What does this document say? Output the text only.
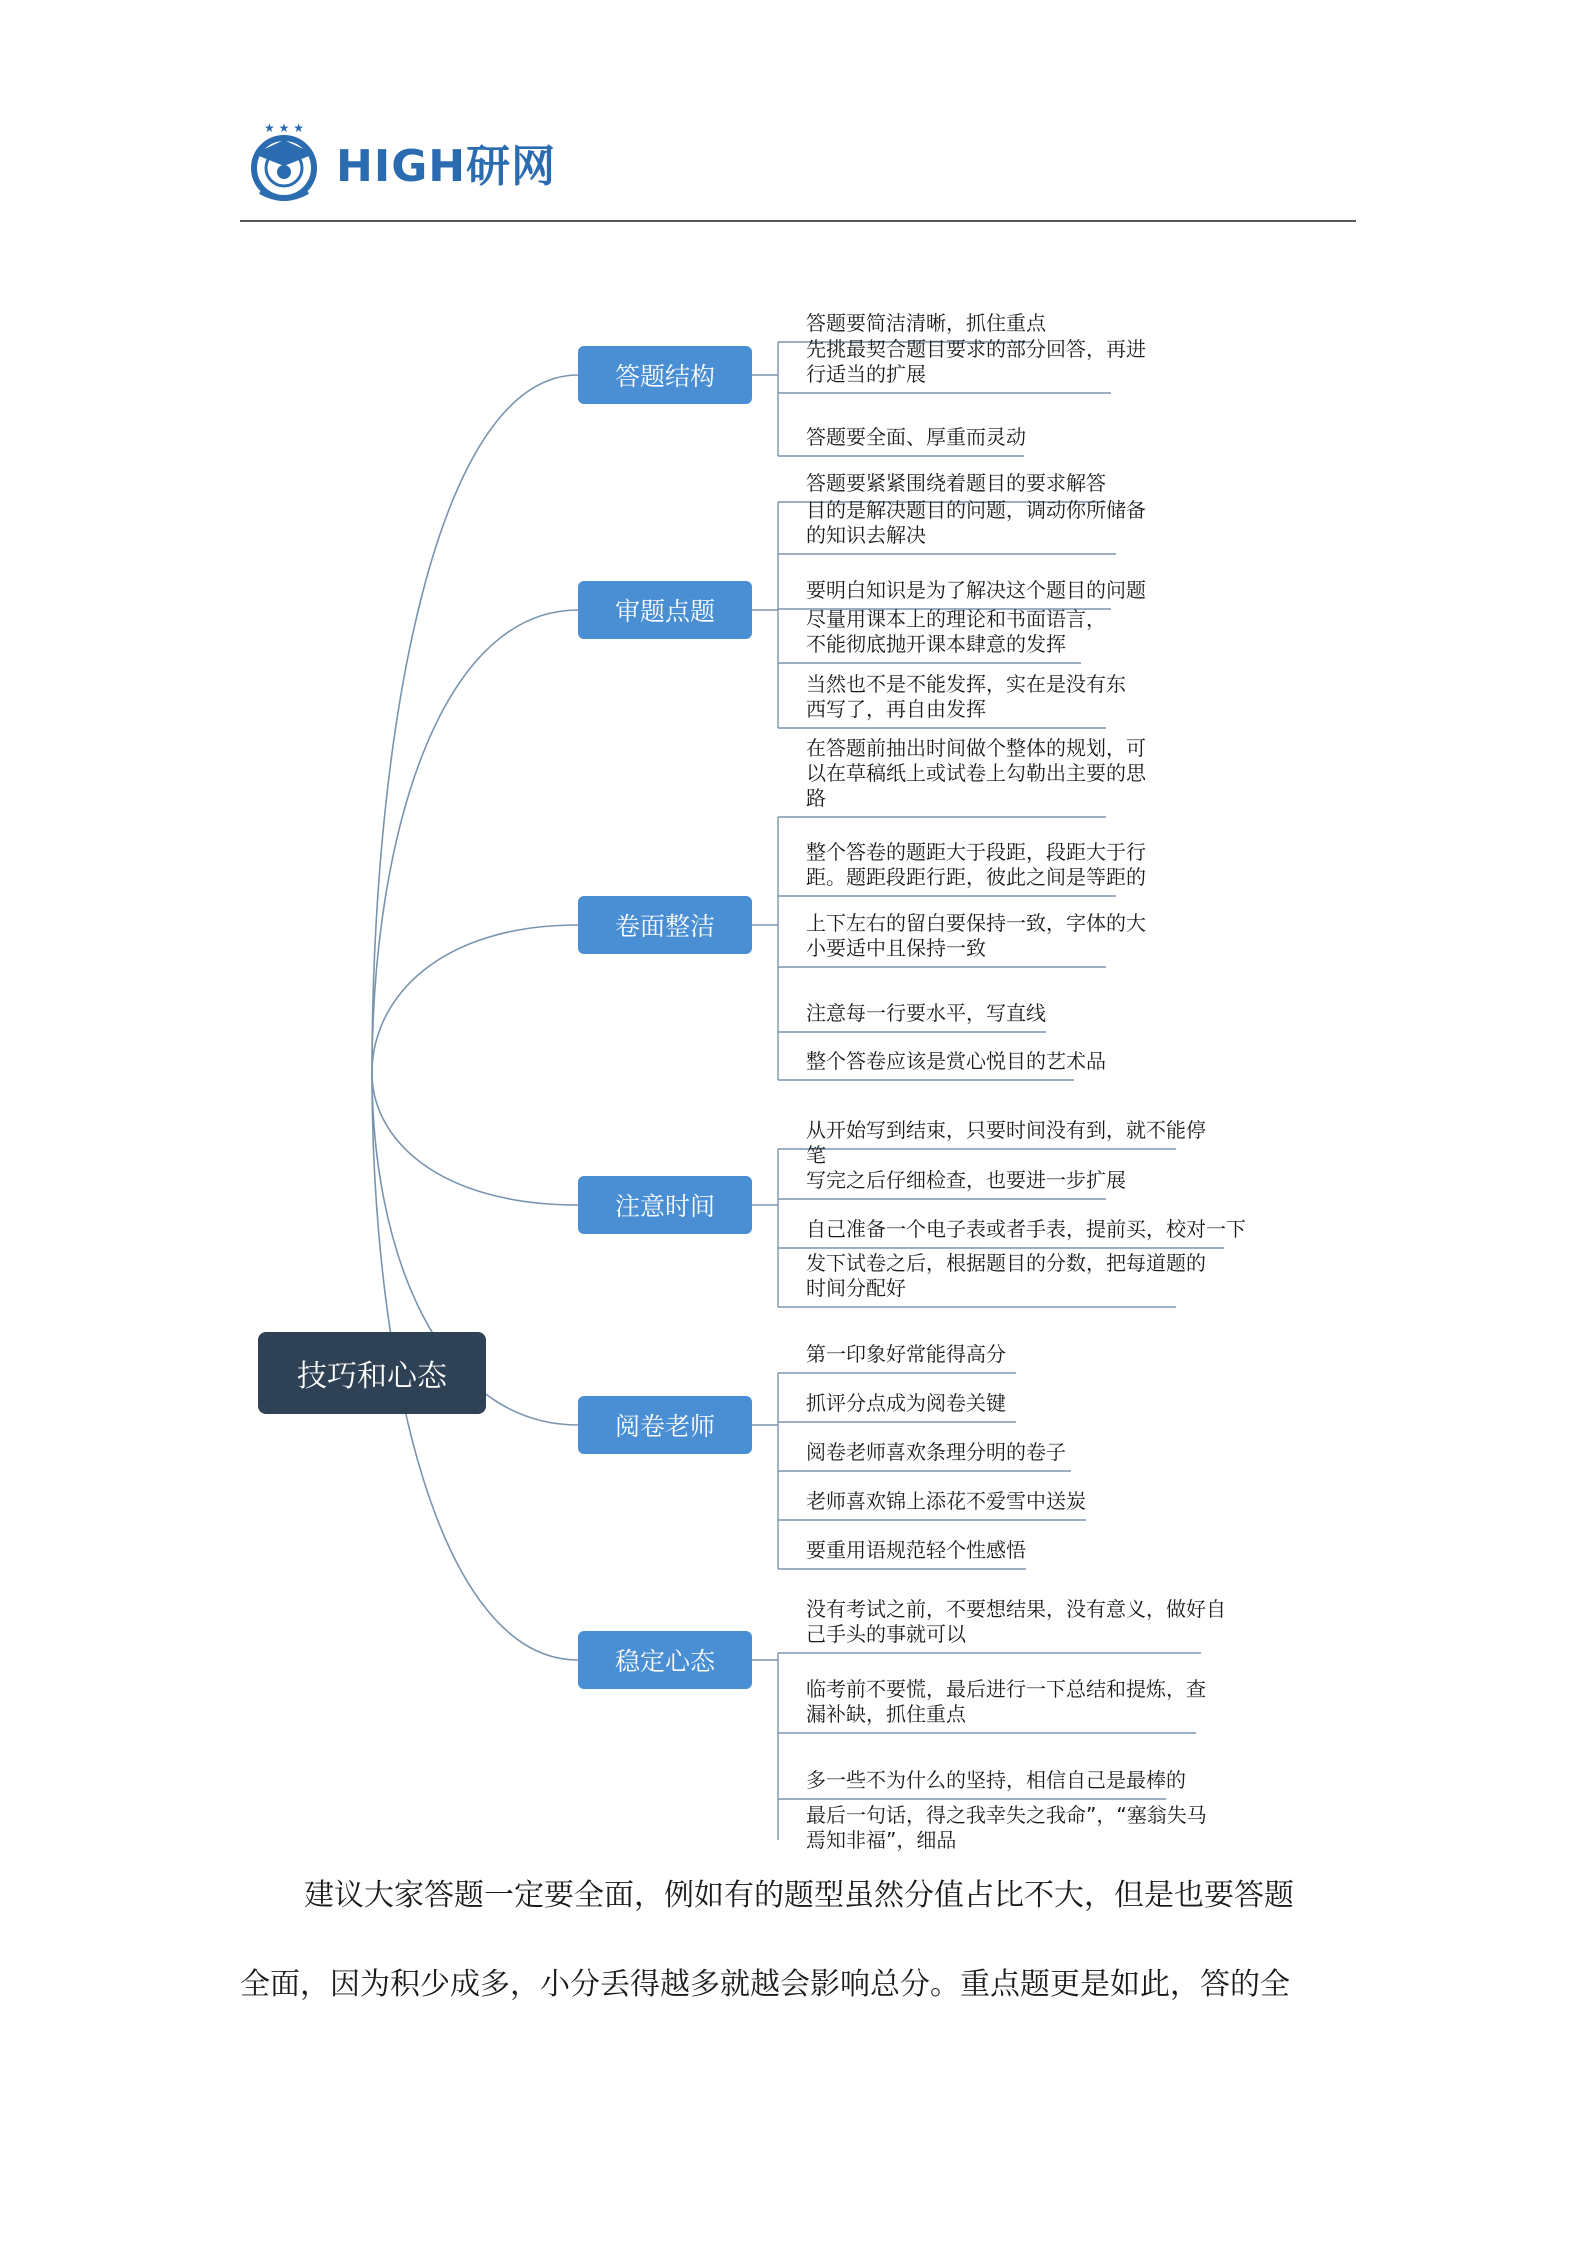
★ ★ ★
HIGH研网
技巧和心态
答题结构
答题要简洁清晰，抓住重点
先挑最契合题目要求的部分回答，再进
行适当的扩展
答题要全面、厚重而灵动
审题点题
答题要紧紧围绕着题目的要求解答
目的是解决题目的问题，调动你所储备
的知识去解决
要明白知识是为了解决这个题目的问题
尽量用课本上的理论和书面语言，
不能彻底抛开课本肆意的发挥
当然也不是不能发挥，实在是没有东
西写了，再自由发挥
卷面整洁
在答题前抽出时间做个整体的规划，可
以在草稿纸上或试卷上勾勒出主要的思
路
整个答卷的题距大于段距，段距大于行
距。题距段距行距，彼此之间是等距的
上下左右的留白要保持一致，字体的大
小要适中且保持一致
注意每一行要水平，写直线
整个答卷应该是赏心悦目的艺术品
注意时间
从开始写到结束，只要时间没有到，就不能停笔
写完之后仔细检查，也要进一步扩展
自己准备一个电子表或者手表，提前买，校对一下
发下试卷之后，根据题目的分数，把每道题的
时间分配好
阅卷老师
第一印象好常能得高分
抓评分点成为阅卷关键
阅卷老师喜欢条理分明的卷子
老师喜欢锦上添花不爱雪中送炭
要重用语规范轻个性感悟
稳定心态
没有考试之前，不要想结果，没有意义，做好自
己手头的事就可以
临考前不要慌，最后进行一下总结和提炼，查
漏补缺，抓住重点
多一些不为什么的坚持，相信自己是最棒的
最后一句话，得之我幸失之我命”，“塞翁失马
焉知非福”，细品
建议大家答题一定要全面，例如有的题型虽然分值占比不大，但是也要答题
全面，因为积少成多，小分丢得越多就越会影响总分。重点题更是如此，答的全
